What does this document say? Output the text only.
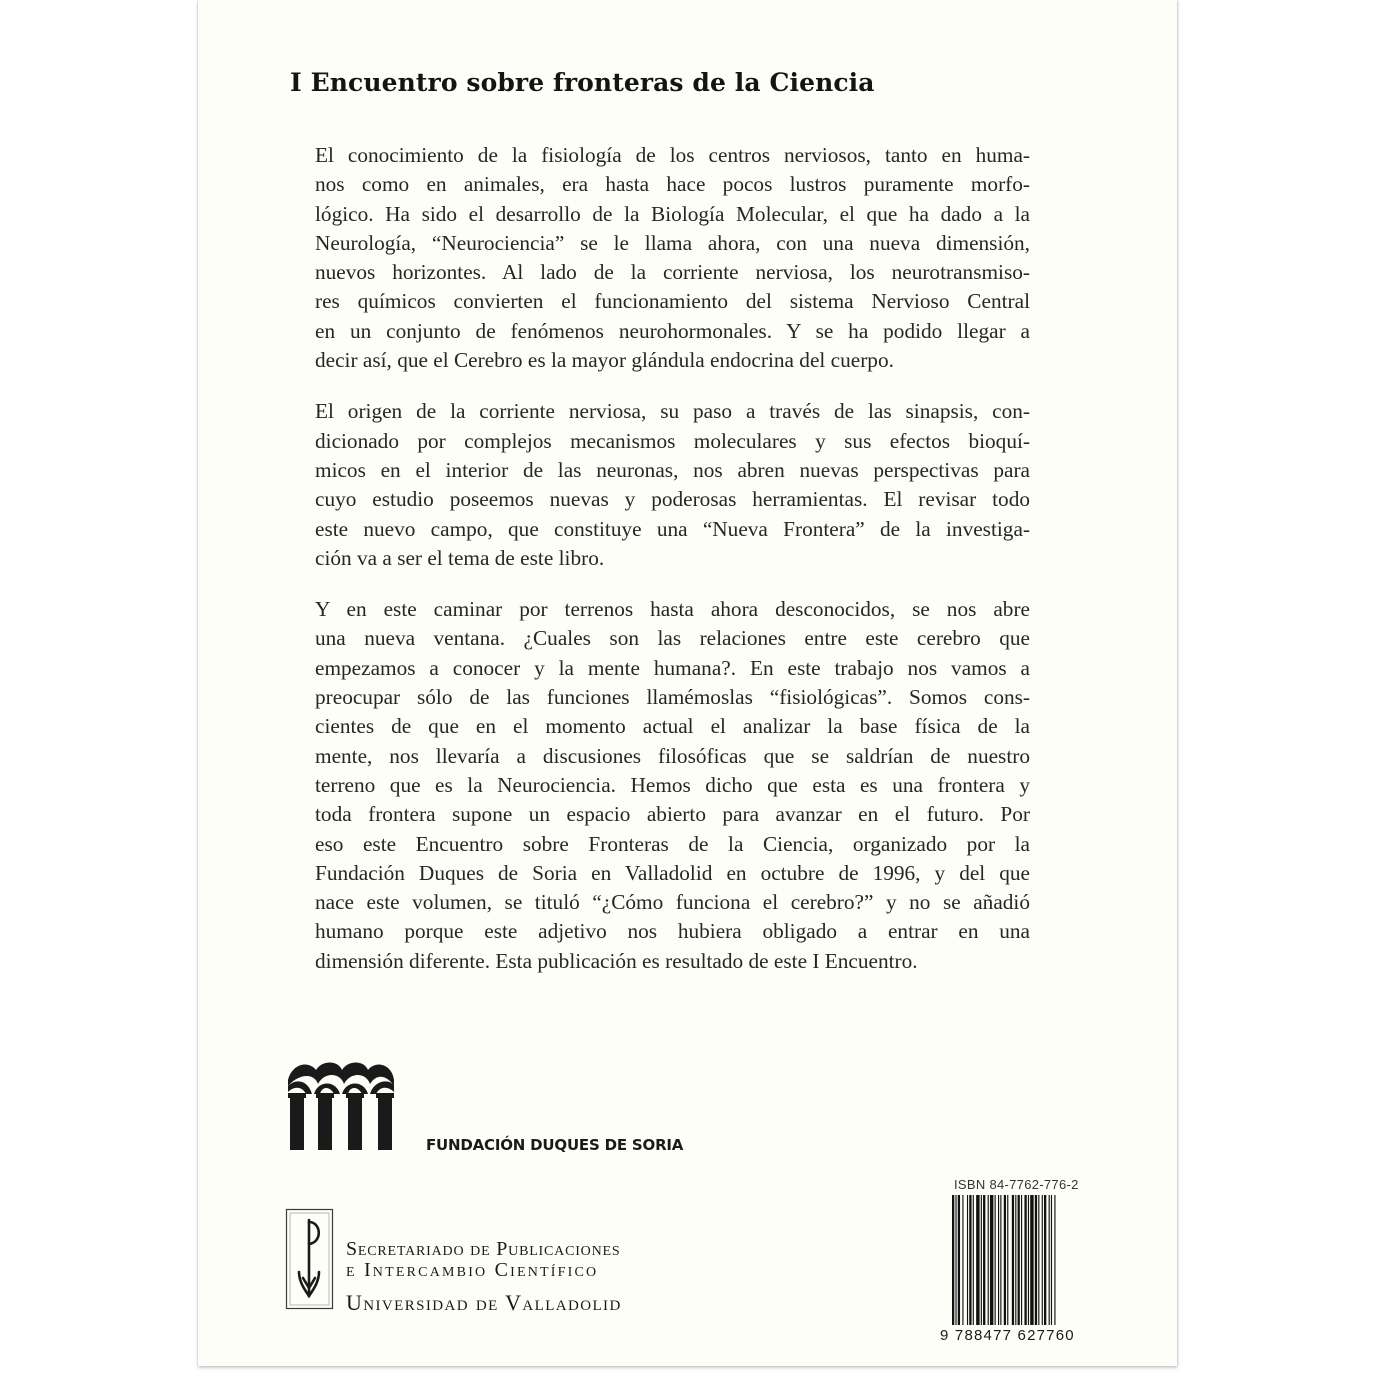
I Encuentro sobre fronteras de la Ciencia
El conocimiento de la fisiología de los centros nerviosos, tanto en huma-
nos como en animales, era hasta hace pocos lustros puramente morfo-
lógico. Ha sido el desarrollo de la Biología Molecular, el que ha dado a la
Neurología, “Neurociencia” se le llama ahora, con una nueva dimensión,
nuevos horizontes. Al lado de la corriente nerviosa, los neurotransmiso-
res químicos convierten el funcionamiento del sistema Nervioso Central
en un conjunto de fenómenos neurohormonales. Y se ha podido llegar a
decir así, que el Cerebro es la mayor glándula endocrina del cuerpo.
El origen de la corriente nerviosa, su paso a través de las sinapsis, con-
dicionado por complejos mecanismos moleculares y sus efectos bioquí-
micos en el interior de las neuronas, nos abren nuevas perspectivas para
cuyo estudio poseemos nuevas y poderosas herramientas. El revisar todo
este nuevo campo, que constituye una “Nueva Frontera” de la investiga-
ción va a ser el tema de este libro.
Y en este caminar por terrenos hasta ahora desconocidos, se nos abre
una nueva ventana. ¿Cuales son las relaciones entre este cerebro que
empezamos a conocer y la mente humana?. En este trabajo nos vamos a
preocupar sólo de las funciones llamémoslas “fisiológicas”. Somos cons-
cientes de que en el momento actual el analizar la base física de la
mente, nos llevaría a discusiones filosóficas que se saldrían de nuestro
terreno que es la Neurociencia. Hemos dicho que esta es una frontera y
toda frontera supone un espacio abierto para avanzar en el futuro. Por
eso este Encuentro sobre Fronteras de la Ciencia, organizado por la
Fundación Duques de Soria en Valladolid en octubre de 1996, y del que
nace este volumen, se tituló “¿Cómo funciona el cerebro?” y no se añadió
humano porque este adjetivo nos hubiera obligado a entrar en una
dimensión diferente. Esta publicación es resultado de este I Encuentro.
FUNDACIÓN DUQUES DE SORIA
Secretariado de Publicaciones
e Intercambio Científico
Universidad de Valladolid
ISBN 84-7762-776-2
9 788477 627760
